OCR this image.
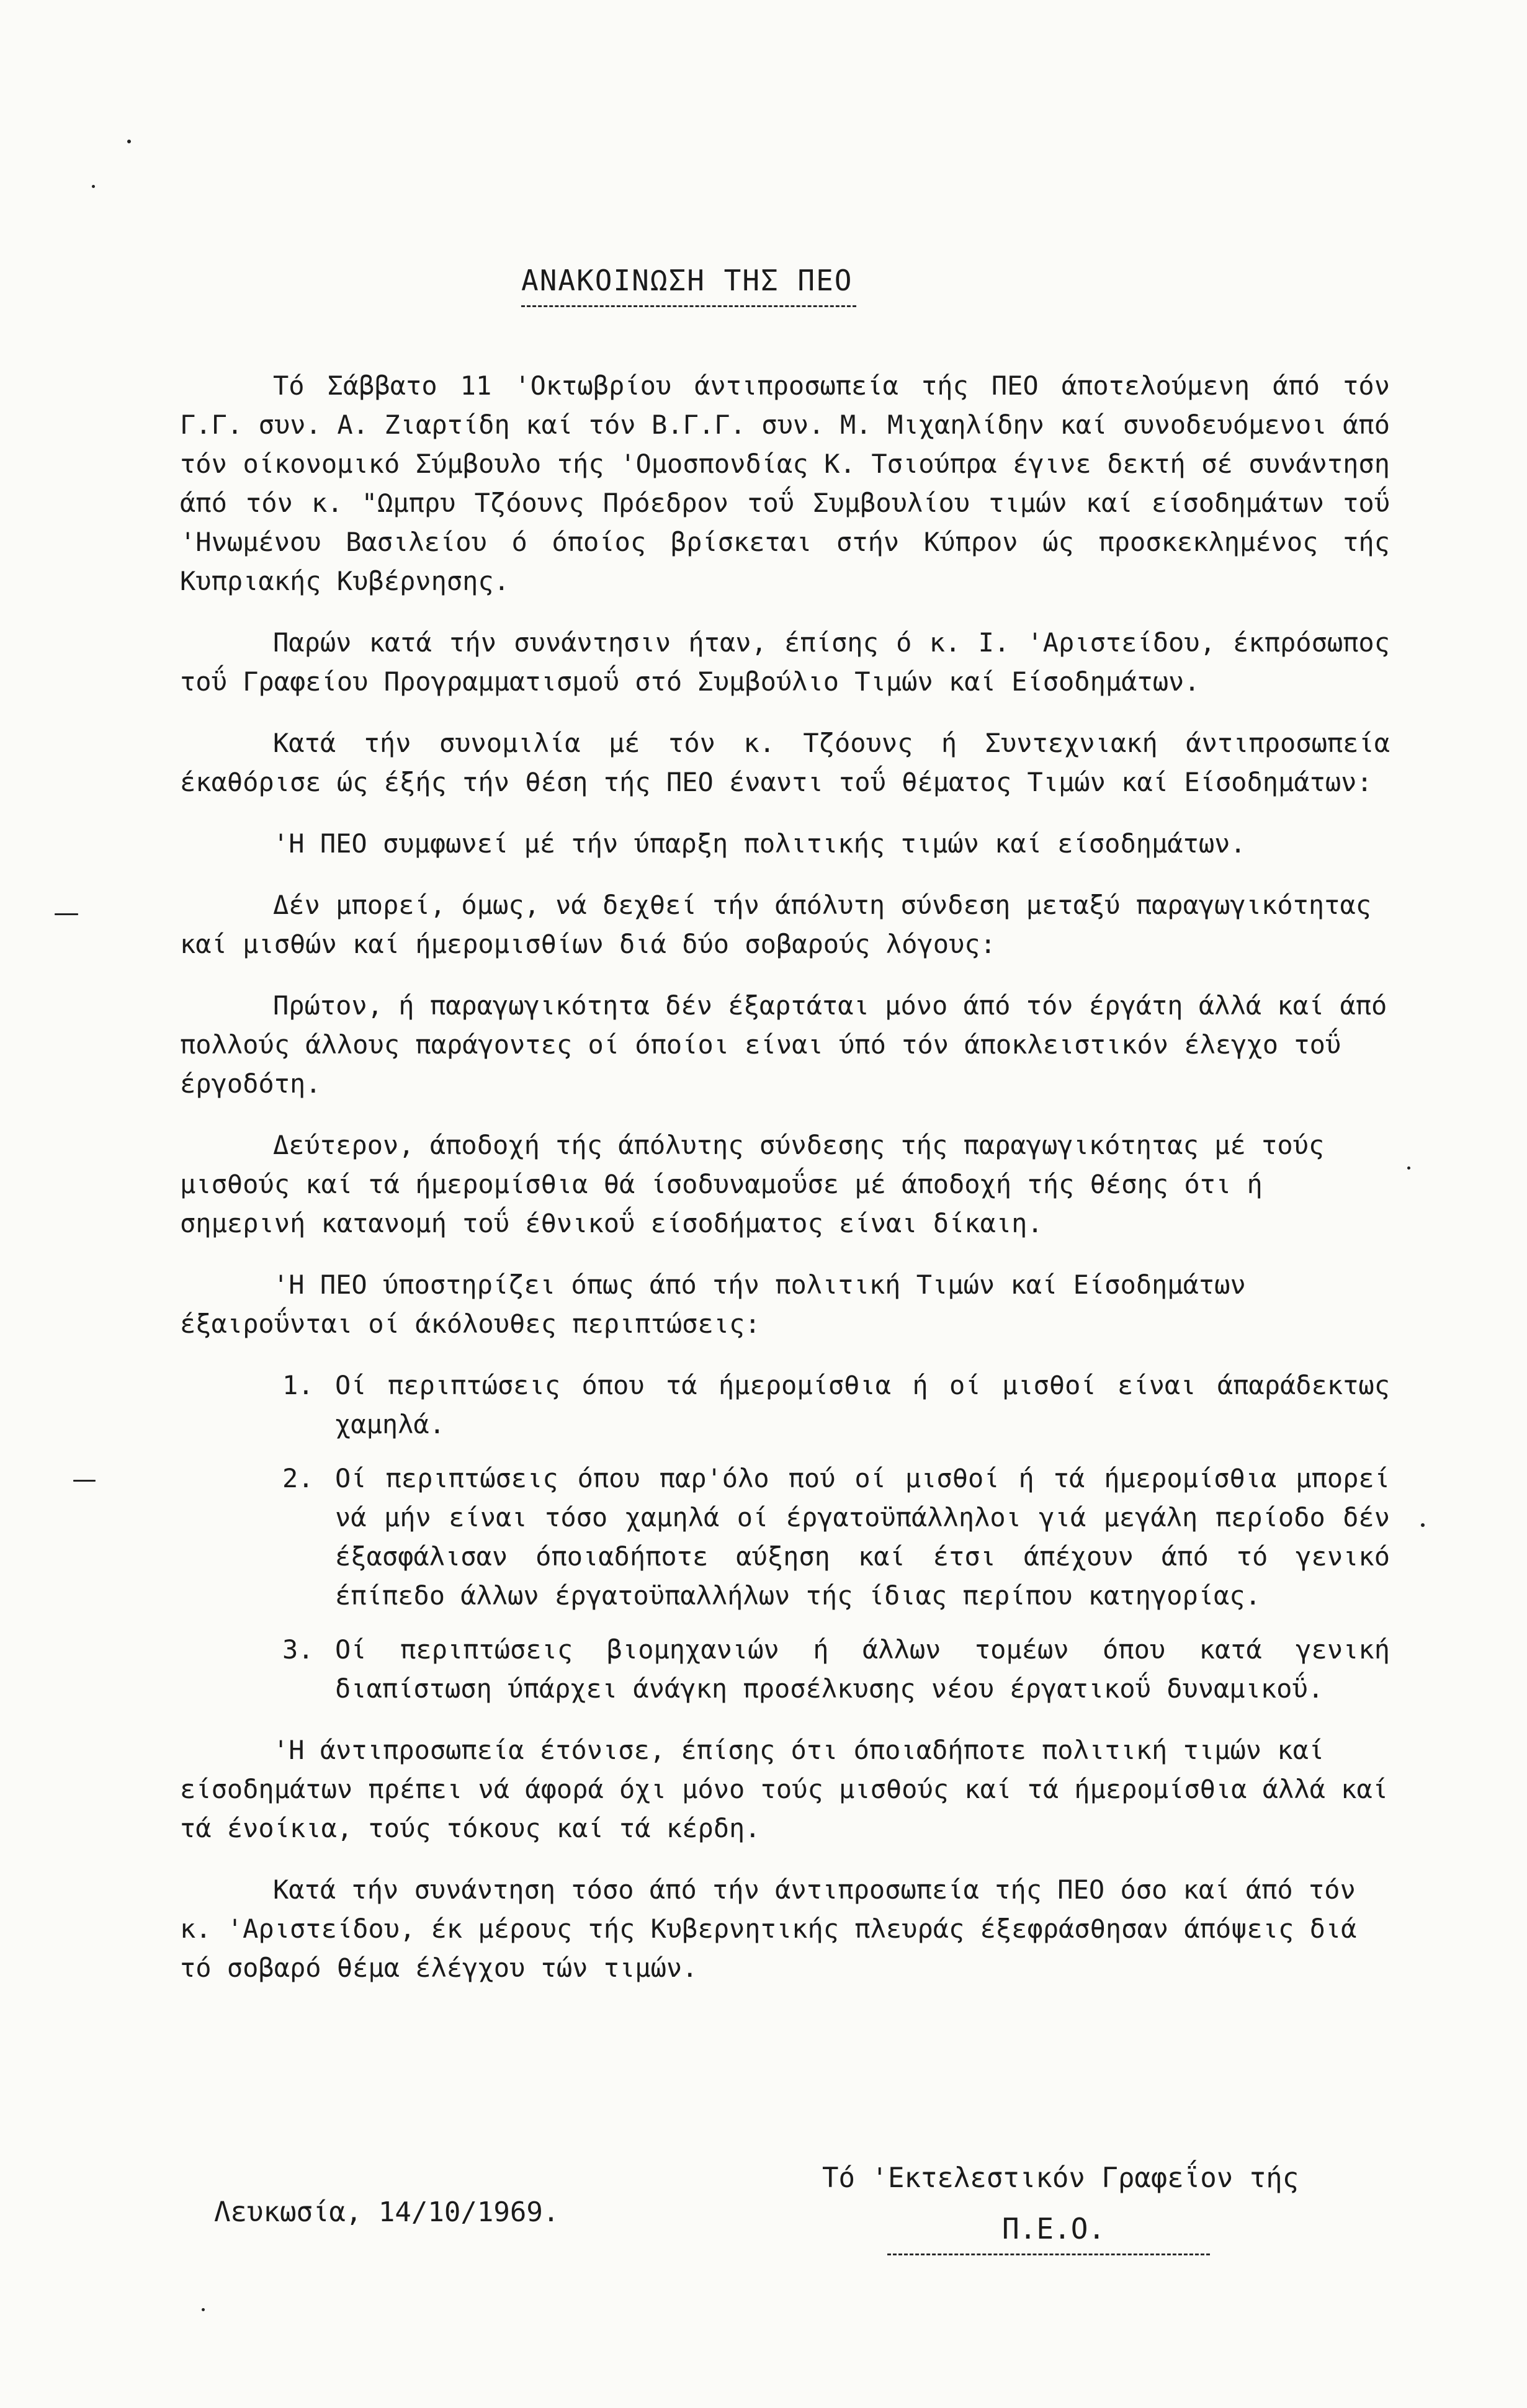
ΑΝΑΚΟΙΝΩΣΗ ΤΗΣ ΠΕΟ

Τό Σάββατο 11 'Οκτωβρίου άντιπροσωπεία τής ΠΕΟ άποτελούμενη άπό τόν Γ.Γ. συν. Α. Ζιαρτίδη καί τόν Β.Γ.Γ. συν. Μ. Μιχαηλίδην καί συνοδευόμενοι άπό τόν οίκονομικό Σύμβουλο τής 'Ομοσπονδίας Κ. Τσιούπρα έγινε δεκτή σέ συνάντηση άπό τόν κ. "Ωμπρυ Τζόουνς Πρόεδρον τοΰ Συμβουλίου τιμών καί είσοδημάτων τοΰ 'Ηνωμένου Βασιλείου ό όποίος βρίσκεται στήν Κύπρον ώς προσκεκλημένος τής Κυπριακής Κυβέρνησης.

Παρών κατά τήν συνάντησιν ήταν, έπίσης ό κ. Ι. 'Αριστείδου, έκπρόσωπος τοΰ Γραφείου Προγραμματισμοΰ στό Συμβούλιο Τιμών καί Είσοδημάτων.

Κατά τήν συνομιλία μέ τόν κ. Τζόουνς ή Συντεχνιακή άντιπροσωπεία έκαθόρισε ώς έξής τήν θέση τής ΠΕΟ έναντι τοΰ θέματος Τιμών καί Είσοδημάτων:

'Η ΠΕΟ συμφωνεί μέ τήν ύπαρξη πολιτικής τιμών καί είσοδημάτων.

Δέν μπορεί, όμως, νά δεχθεί τήν άπόλυτη σύνδεση μεταξύ παραγωγικότητας καί μισθών καί ήμερομισθίων διά δύο σοβαρούς λόγους:

Πρώτον, ή παραγωγικότητα δέν έξαρτάται μόνο άπό τόν έργάτη άλλά καί άπό πολλούς άλλους παράγοντες οί όποίοι είναι ύπό τόν άποκλειστικόν έλεγχο τοΰ έργοδότη.

Δεύτερον, άποδοχή τής άπόλυτης σύνδεσης τής παραγωγικότητας μέ τούς μισθούς καί τά ήμερομίσθια θά ίσοδυναμοΰσε μέ άποδοχή τής θέσης ότι ή σημερινή κατανομή τοΰ έθνικοΰ είσοδήματος είναι δίκαιη.

'Η ΠΕΟ ύποστηρίζει όπως άπό τήν πολιτική Τιμών καί Είσοδημάτων έξαιροΰνται οί άκόλουθες περιπτώσεις:

1. Οί περιπτώσεις όπου τά ήμερομίσθια ή οί μισθοί είναι άπαράδεκτως χαμηλά.
2. Οί περιπτώσεις όπου παρ'όλο πού οί μισθοί ή τά ήμερομίσθια μπορεί νά μήν είναι τόσο χαμηλά οί έργατοϋπάλληλοι γιά μεγάλη περίοδο δέν έξασφάλισαν όποιαδήποτε αύξηση καί έτσι άπέχουν άπό τό γενικό έπίπεδο άλλων έργατοϋπαλλήλων τής ίδιας περίπου κατηγορίας.
3. Οί περιπτώσεις βιομηχανιών ή άλλων τομέων όπου κατά γενική διαπίστωση ύπάρχει άνάγκη προσέλκυσης νέου έργατικοΰ δυναμικοΰ.

'Η άντιπροσωπεία έτόνισε, έπίσης ότι όποιαδήποτε πολιτική τιμών καί είσοδημάτων πρέπει νά άφορά όχι μόνο τούς μισθούς καί τά ήμερομίσθια άλλά καί τά ένοίκια, τούς τόκους καί τά κέρδη.

Κατά τήν συνάντηση τόσο άπό τήν άντιπροσωπεία τής ΠΕΟ όσο καί άπό τόν κ. 'Αριστείδου, έκ μέρους τής Κυβερνητικής πλευράς έξεφράσθησαν άπόψεις διά τό σοβαρό θέμα έλέγχου τών τιμών.

Λευκωσία, 14/10/1969.
Τό 'Εκτελεστικόν Γραφεΐον τής
Π.Ε.Ο.
